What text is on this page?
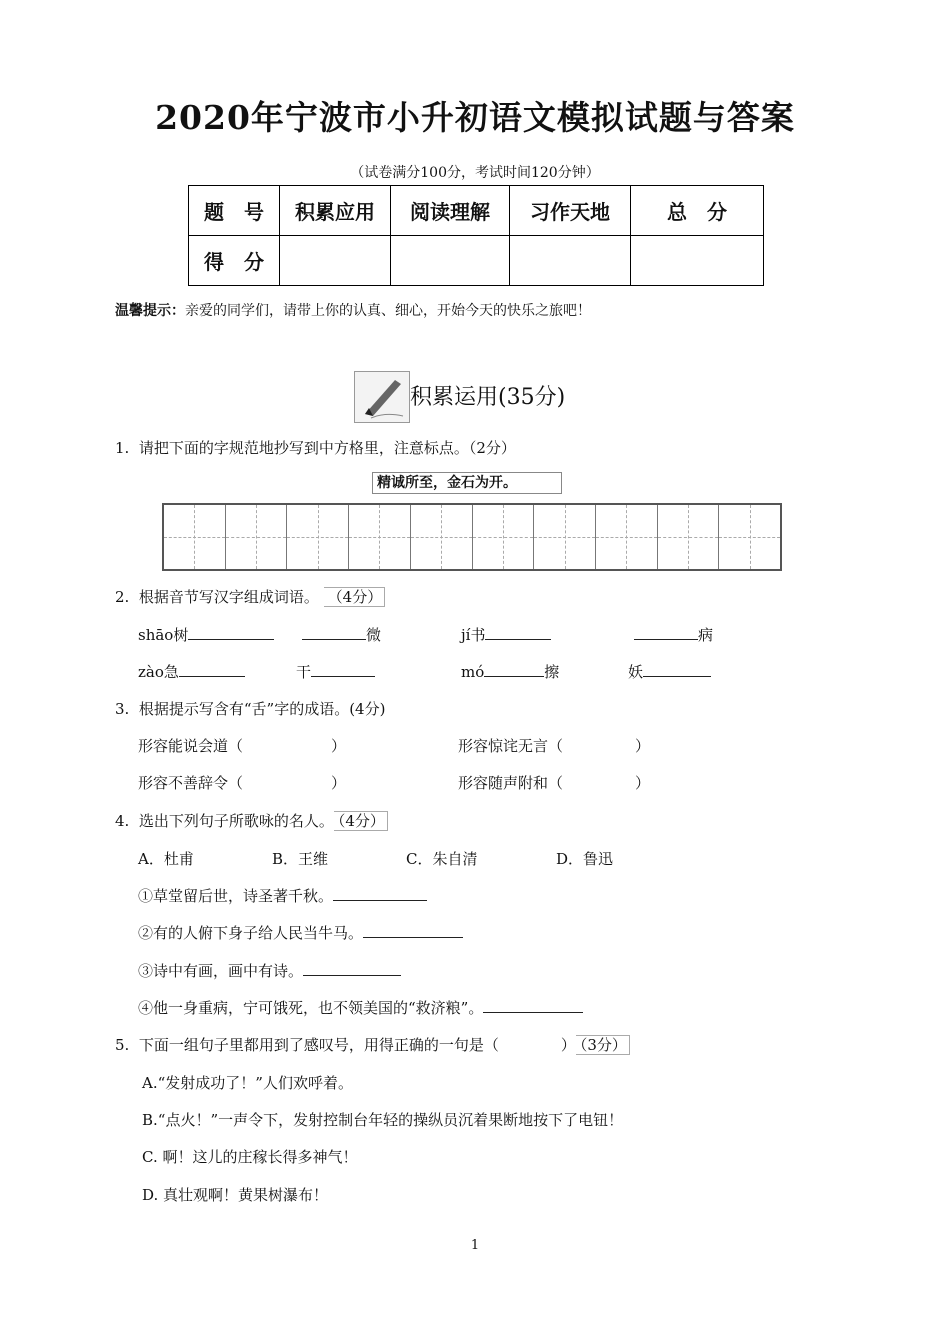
2020年宁波市小升初语文模拟试题与答案
（试卷满分100分，考试时间120分钟）
题　号	积累应用	阅读理解	习作天地	总　分
得　分				
温馨提示：亲爱的同学们，请带上你的认真、细心，开始今天的快乐之旅吧！
积累运用(35分)
1. 请把下面的字规范地抄写到中方格里，注意标点。（2分）
精诚所至，金石为开。
2. 根据音节写汉字组成词语。 （4分）
shāo树	微	jí书	病
zào急	干	mó	擦	妖
3. 根据提示写含有“舌”字的成语。(4分)
形容能说会道（	）	形容惊诧无言（	）
形容不善辞令（	）	形容随声附和（	）
4. 选出下列句子所歌咏的名人。 （4分）
A．杜甫	B．王维	C．朱自清	D．鲁迅
①草堂留后世，诗圣著千秋。
②有的人俯下身子给人民当牛马。
③诗中有画，画中有诗。
④他一身重病，宁可饿死，也不领美国的“救济粮”。
5. 下面一组句子里都用到了感叹号，用得正确的一句是（	） （3分）
A.“发射成功了！”人们欢呼着。
B.“点火！”一声令下，发射控制台年轻的操纵员沉着果断地按下了电钮！
C. 啊！这儿的庄稼长得多神气！
D. 真壮观啊！黄果树瀑布！
1
